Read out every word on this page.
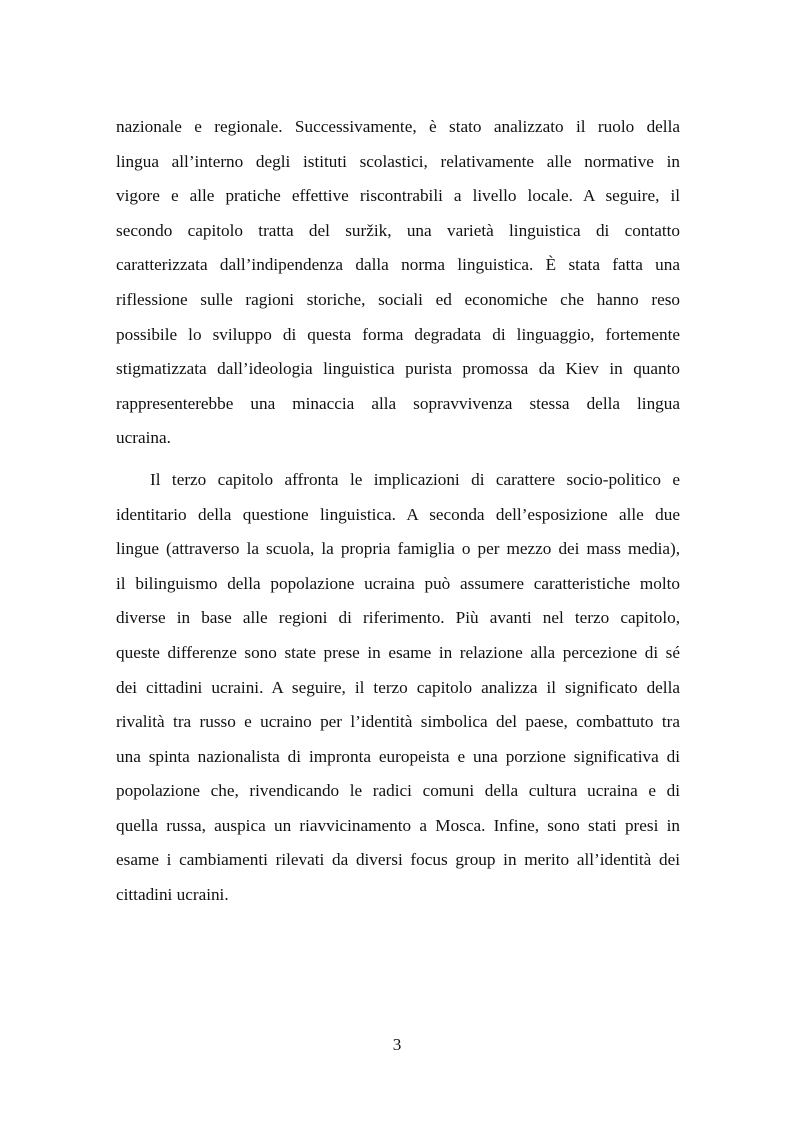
nazionale e regionale. Successivamente, è stato analizzato il ruolo della
lingua all’interno degli istituti scolastici, relativamente alle normative in
vigore e alle pratiche effettive riscontrabili a livello locale. A seguire, il
secondo capitolo tratta del suržik, una varietà linguistica di contatto
caratterizzata dall’indipendenza dalla norma linguistica. È stata fatta una
riflessione sulle ragioni storiche, sociali ed economiche che hanno reso
possibile lo sviluppo di questa forma degradata di linguaggio, fortemente
stigmatizzata dall’ideologia linguistica purista promossa da Kiev in quanto
rappresenterebbe una minaccia alla sopravvivenza stessa della lingua
ucraina.
Il terzo capitolo affronta le implicazioni di carattere socio-politico e
identitario della questione linguistica. A seconda dell’esposizione alle due
lingue (attraverso la scuola, la propria famiglia o per mezzo dei mass media),
il bilinguismo della popolazione ucraina può assumere caratteristiche molto
diverse in base alle regioni di riferimento. Più avanti nel terzo capitolo,
queste differenze sono state prese in esame in relazione alla percezione di sé
dei cittadini ucraini. A seguire, il terzo capitolo analizza il significato della
rivalità tra russo e ucraino per l’identità simbolica del paese, combattuto tra
una spinta nazionalista di impronta europeista e una porzione significativa di
popolazione che, rivendicando le radici comuni della cultura ucraina e di
quella russa, auspica un riavvicinamento a Mosca. Infine, sono stati presi in
esame i cambiamenti rilevati da diversi focus group in merito all’identità dei
cittadini ucraini.
3
